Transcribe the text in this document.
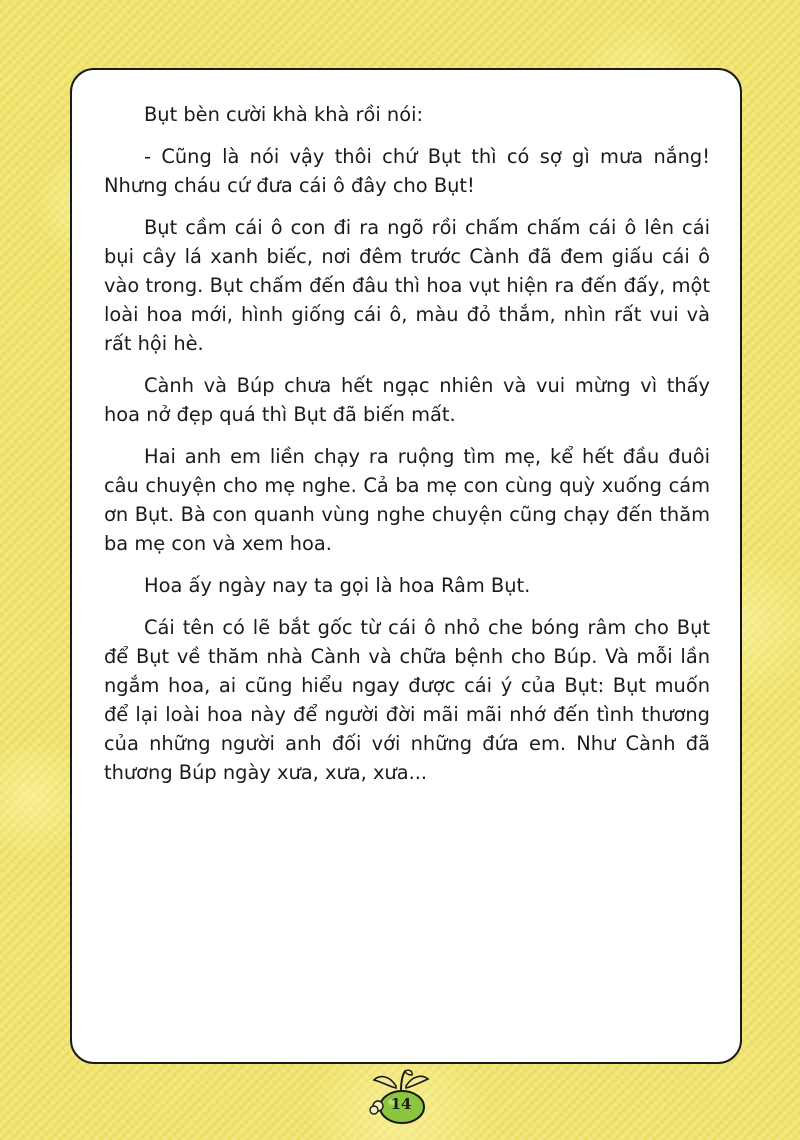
Bụt bèn cười khà khà rồi nói:

- Cũng là nói vậy thôi chứ Bụt thì có sợ gì mưa nắng! Nhưng cháu cứ đưa cái ô đây cho Bụt!

Bụt cầm cái ô con đi ra ngõ rồi chấm chấm cái ô lên cái bụi cây lá xanh biếc, nơi đêm trước Cành đã đem giấu cái ô vào trong. Bụt chấm đến đâu thì hoa vụt hiện ra đến đấy, một loài hoa mới, hình giống cái ô, màu đỏ thắm, nhìn rất vui và rất hội hè.

Cành và Búp chưa hết ngạc nhiên và vui mừng vì thấy hoa nở đẹp quá thì Bụt đã biến mất.

Hai anh em liền chạy ra ruộng tìm mẹ, kể hết đầu đuôi câu chuyện cho mẹ nghe. Cả ba mẹ con cùng quỳ xuống cám ơn Bụt. Bà con quanh vùng nghe chuyện cũng chạy đến thăm ba mẹ con và xem hoa.

Hoa ấy ngày nay ta gọi là hoa Râm Bụt.

Cái tên có lẽ bắt gốc từ cái ô nhỏ che bóng râm cho Bụt để Bụt về thăm nhà Cành và chữa bệnh cho Búp. Và mỗi lần ngắm hoa, ai cũng hiểu ngay được cái ý của Bụt: Bụt muốn để lại loài hoa này để người đời mãi mãi nhớ đến tình thương của những người anh đối với những đứa em. Như Cành đã thương Búp ngày xưa, xưa, xưa...

14
